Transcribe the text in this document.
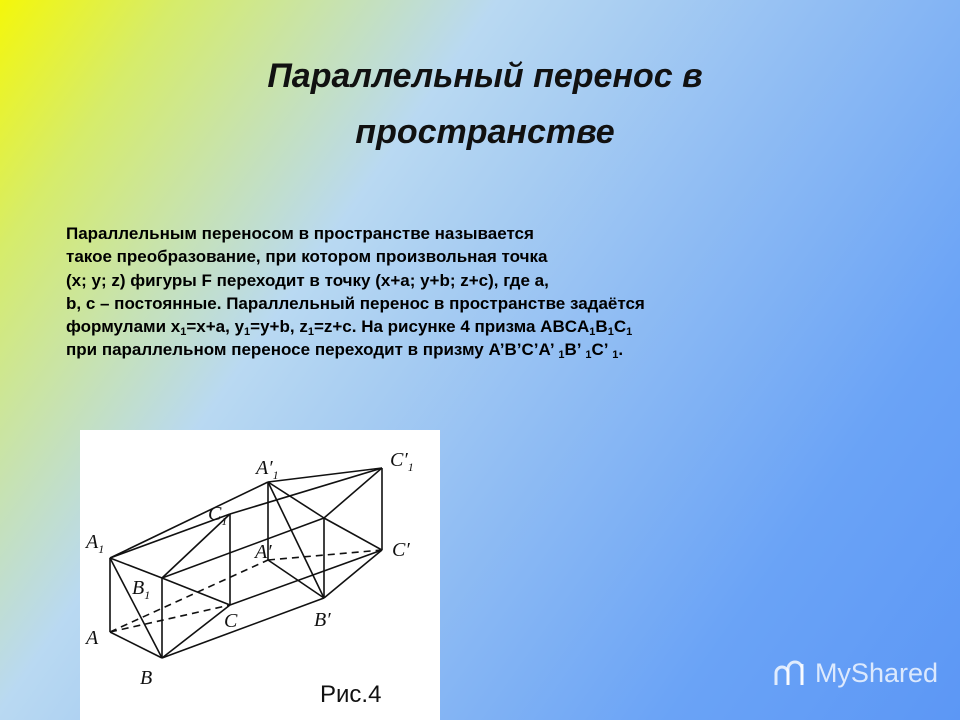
Параллельный перенос в
пространстве
Параллельным переносом в пространстве называется
такое преобразование, при котором произвольная точка
(x; y; z) фигуры F переходит в точку (x+a; y+b; z+c), где a,
b, c – постоянные. Параллельный перенос в пространстве задаётся
формулами $x_1=x+a$, $y_1=y+b$, $z_1=z+c$. На рисунке 4 призма $ABCA_1B_1C_1$
при параллельном переносе переходит в призму A’B’C’A’ $_1$B’ $_1$C’ $_1$.
$A'_1$
$C'_1$
$C_1$
$A_1$	A′	C′
$B_1$
A
C	B′
B
Рис.4
MyShared
